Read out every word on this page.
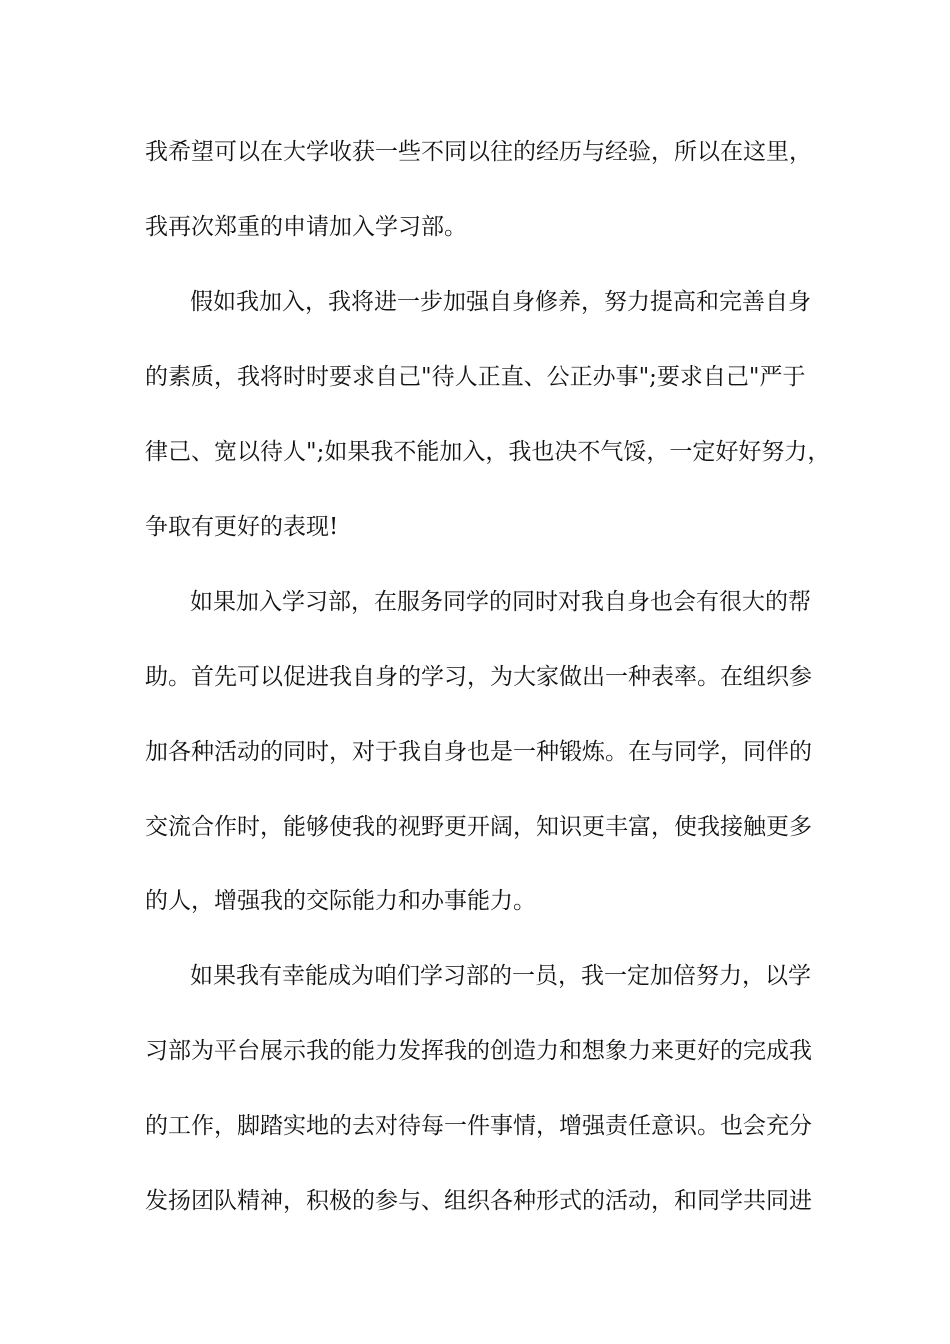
我希望可以在大学收获一些不同以往的经历与经验，所以在这里，

我再次郑重的申请加入学习部。

假如我加入，我将进一步加强自身修养，努力提高和完善自身

的素质，我将时时要求自己"待人正直、公正办事";要求自己"严于

律己、宽以待人";如果我不能加入，我也决不气馁，一定好好努力，

争取有更好的表现!

如果加入学习部，在服务同学的同时对我自身也会有很大的帮

助。首先可以促进我自身的学习，为大家做出一种表率。在组织参

加各种活动的同时，对于我自身也是一种锻炼。在与同学，同伴的

交流合作时，能够使我的视野更开阔，知识更丰富，使我接触更多

的人，增强我的交际能力和办事能力。

如果我有幸能成为咱们学习部的一员，我一定加倍努力，以学

习部为平台展示我的能力发挥我的创造力和想象力来更好的完成我

的工作，脚踏实地的去对待每一件事情，增强责任意识。也会充分

发扬团队精神，积极的参与、组织各种形式的活动，和同学共同进
